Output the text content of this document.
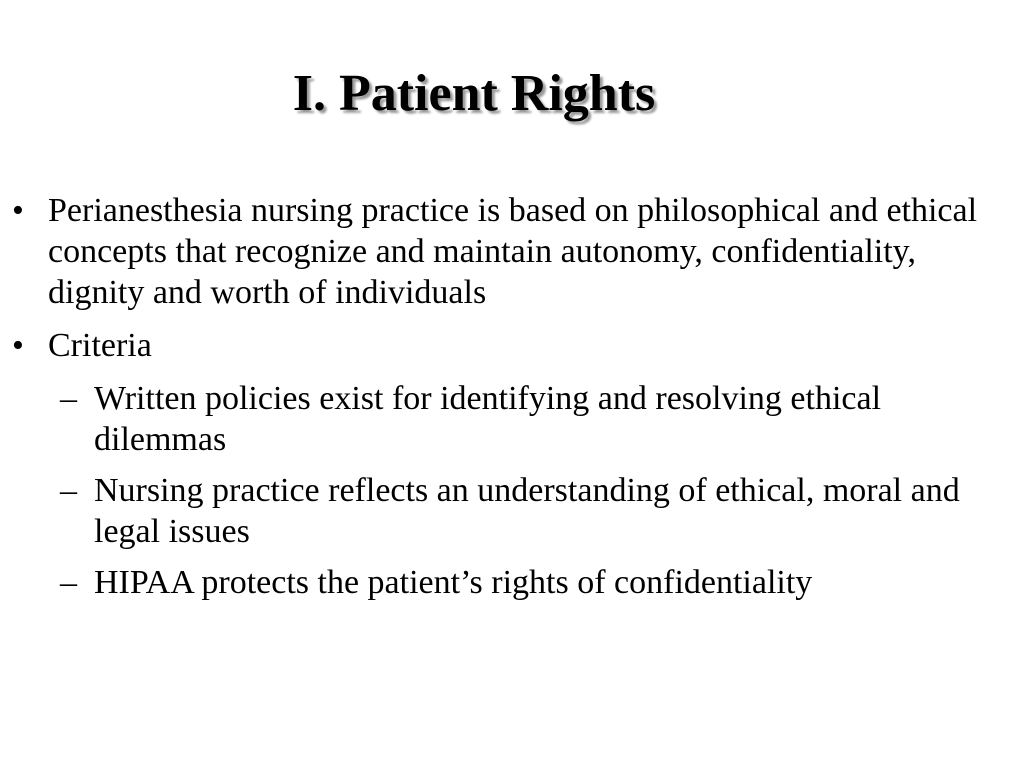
I. Patient Rights
• Perianesthesia nursing practice is based on philosophical and ethical concepts that recognize and maintain autonomy, confidentiality, dignity and worth of individuals
• Criteria
– Written policies exist for identifying and resolving ethical dilemmas
– Nursing practice reflects an understanding of ethical, moral and legal issues
– HIPAA protects the patient’s rights of confidentiality
